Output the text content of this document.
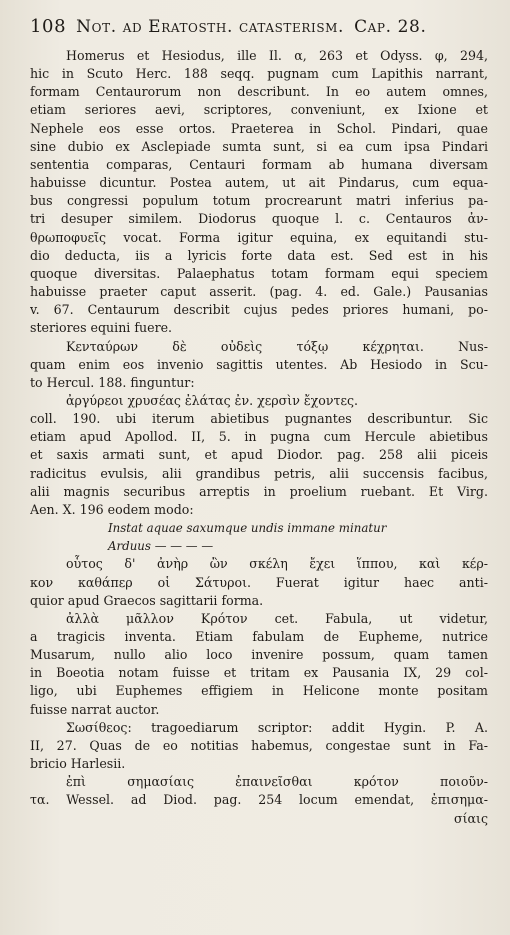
108 Not. ad Eratosth. catasterism. Cap. 28.
Homerus et Hesiodus, ille Il. α, 263 et Odyss. φ, 294,
hic in Scuto Herc. 188 seqq. pugnam cum Lapithis narrant,
formam Centaurorum non describunt. In eo autem omnes,
etiam seriores aevi, scriptores, conveniunt, ex Ixione et
Nephele eos esse ortos. Praeterea in Schol. Pindari, quae
sine dubio ex Asclepiade sumta sunt, si ea cum ipsa Pindari
sententia comparas, Centauri formam ab humana diversam
habuisse dicuntur. Postea autem, ut ait Pindarus, cum equa-
bus congressi populum totum procrearunt matri inferius pa-
tri desuper similem. Diodorus quoque l. c. Centauros ἀν-
θρωποφυεῖς vocat. Forma igitur equina, ex equitandi stu-
dio deducta, iis a lyricis forte data est. Sed est in his
quoque diversitas. Palaephatus totam formam equi speciem
habuisse praeter caput asserit. (pag. 4. ed. Gale.) Pausanias
v. 67. Centaurum describit cujus pedes priores humani, po-
steriores equini fuere.
Κενταύρων δὲ οὐδεὶς τόξῳ κέχρηται. Nus-
quam enim eos invenio sagittis utentes. Ab Hesiodo in Scu-
to Hercul. 188. finguntur:
ἀργύρεοι χρυσέας ἐλάτας ἐν. χερσὶν ἔχοντες.
coll. 190. ubi iterum abietibus pugnantes describuntur. Sic
etiam apud Apollod. II, 5. in pugna cum Hercule abietibus
et saxis armati sunt, et apud Diodor. pag. 258 alii piceis
radicitus evulsis, alii grandibus petris, alii succensis facibus,
alii magnis securibus arreptis in proelium ruebant. Et Virg.
Aen. X. 196 eodem modo:
Instat aquae saxumque undis immane minatur
Arduus — — — —
οὗτος δ' ἀνὴρ ὢν σκέλη ἔχει ἵππου, καὶ κέρ-
κον καθάπερ οἱ Σάτυροι. Fuerat igitur haec anti-
quior apud Graecos sagittarii forma.
ἀλλὰ μᾶλλον Κρότον cet. Fabula, ut videtur,
a tragicis inventa. Etiam fabulam de Eupheme, nutrice
Musarum, nullo alio loco invenire possum, quam tamen
in Boeotia notam fuisse et tritam ex Pausania IX, 29 col-
ligo, ubi Euphemes effigiem in Helicone monte positam
fuisse narrat auctor.
Σωσίθεος: tragoediarum scriptor: addit Hygin. P. A.
II, 27. Quas de eo notitias habemus, congestae sunt in Fa-
bricio Harlesii.
ἐπὶ σημασίαις ἐπαινεῖσθαι κρότον ποιοῦν-
τα. Wessel. ad Diod. pag. 254 locum emendat, ἐπισημα-
σίαις
